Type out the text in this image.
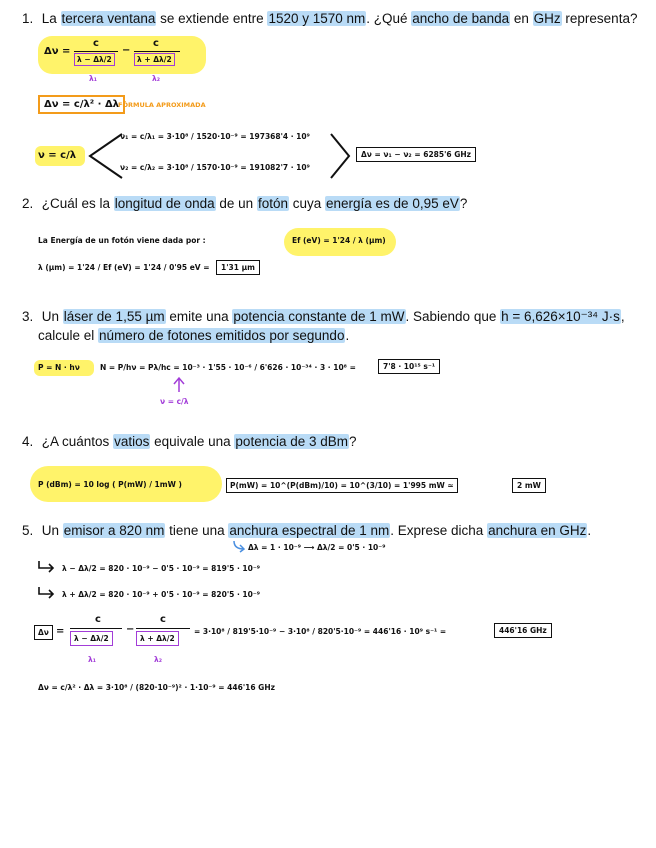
1. La tercera ventana se extiende entre 1520 y 1570 nm. ¿Qué ancho de banda en GHz representa?
Δν =
c
λ − Δλ/2
−
c
λ + Δλ/2
λ₁	λ₂
Δν = c/λ² · Δλ
FÓRMULA APROXIMADA
ν = c/λ
ν₁ = c/λ₁ = 3·10⁸ / 1520·10⁻⁹ = 197368'4 · 10⁹
ν₂ = c/λ₂ = 3·10⁸ / 1570·10⁻⁹ = 191082'7 · 10⁹
Δν = ν₁ − ν₂ = 6285'6 GHz
2. ¿Cuál es la longitud de onda de un fotón cuya energía es de 0,95 eV?
La Energía de un fotón viene dada por :	Ef (eV) = 1'24 / λ (µm)
λ (µm) = 1'24 / Ef (eV) = 1'24 / 0'95 eV =	1'31 µm
3. Un láser de 1,55 µm emite una potencia constante de 1 mW. Sabiendo que h = 6,626×10⁻³⁴ J·s,
calcule el número de fotones emitidos por segundo.
P = N · hν	N = P/hν = Pλ/hc = 10⁻³ · 1'55 · 10⁻⁶ / 6'626 · 10⁻³⁴ · 3 · 10⁸ =	7'8 · 10¹⁵ s⁻¹
ν = c/λ
4. ¿A cuántos vatios equivale una potencia de 3 dBm?
P (dBm) = 10 log ( P(mW) / 1mW )	P(mW) = 10^(P(dBm)/10) = 10^(3/10) = 1'995 mW ≃	2 mW
5. Un emisor a 820 nm tiene una anchura espectral de 1 nm. Exprese dicha anchura en GHz.
Δλ = 1 · 10⁻⁹ ⟶ Δλ/2 = 0'5 · 10⁻⁹
λ − Δλ/2 = 820 · 10⁻⁹ − 0'5 · 10⁻⁹ = 819'5 · 10⁻⁹
λ + Δλ/2 = 820 · 10⁻⁹ + 0'5 · 10⁻⁹ = 820'5 · 10⁻⁹
Δν =
c
λ − Δλ/2
−
c
λ + Δλ/2
λ₁	λ₂
= 3·10⁸ / 819'5·10⁻⁹ − 3·10⁸ / 820'5·10⁻⁹ = 446'16 · 10⁹ s⁻¹ =	446'16 GHz
Δν = c/λ² · Δλ = 3·10⁸ / (820·10⁻⁹)² · 1·10⁻⁹ = 446'16 GHz
